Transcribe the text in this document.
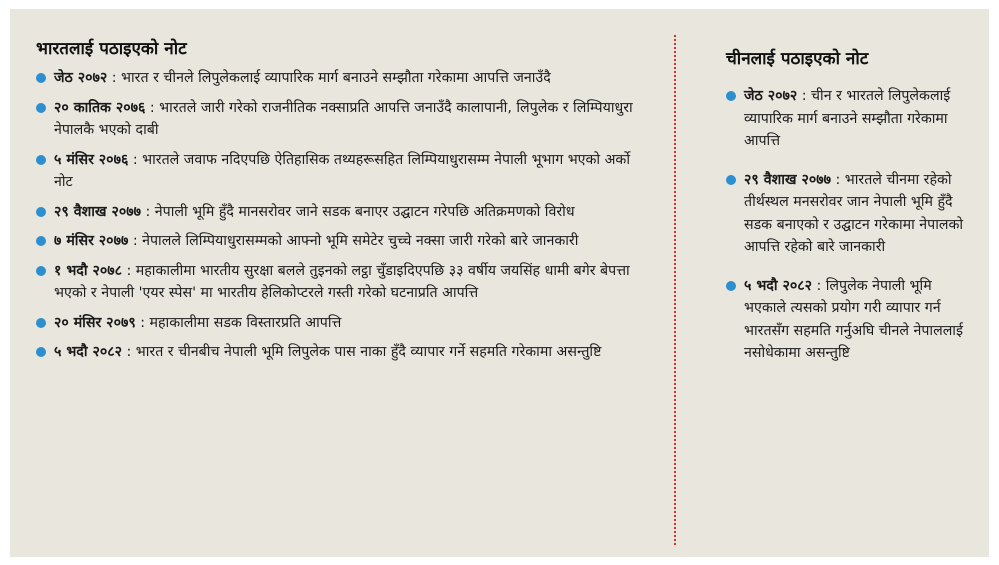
भारतलाई पठाइएको नोट
जेठ २०७२ : भारत र चीनले लिपुलेकलाई व्यापारिक मार्ग बनाउने सम्झौता गरेकामा आपत्ति जनाउँदै
२० कातिक २०७६ : भारतले जारी गरेको राजनीतिक नक्साप्रति आपत्ति जनाउँदै कालापानी, लिपुलेक र लिम्पियाधुरा नेपालकै भएको दाबी
५ मंसिर २०७६ : भारतले जवाफ नदिएपछि ऐतिहासिक तथ्यहरूसहित लिम्पियाधुरासम्म नेपाली भूभाग भएको अर्को नोट
२९ वैशाख २०७७ : नेपाली भूमि हुँदै मानसरोवर जाने सडक बनाएर उद्घाटन गरेपछि अतिक्रमणको विरोध
७ मंसिर २०७७ : नेपालले लिम्पियाधुरासम्मको आफ्नो भूमि समेटेर चुच्चे नक्सा जारी गरेको बारे जानकारी
१ भदौ २०७८ : महाकालीमा भारतीय सुरक्षा बलले तुइनको लट्ठा चुँडाइदिएपछि ३३ वर्षीय जयसिंह धामी बगेर बेपत्ता भएको र नेपाली 'एयर स्पेस' मा भारतीय हेलिकोप्टरले गस्ती गरेको घटनाप्रति आपत्ति
२० मंसिर २०७९ : महाकालीमा सडक विस्तारप्रति आपत्ति
५ भदौ २०८२ : भारत र चीनबीच नेपाली भूमि लिपुलेक पास नाका हुँदै व्यापार गर्ने सहमति गरेकामा असन्तुष्टि
चीनलाई पठाइएको नोट
जेठ २०७२ : चीन र भारतले लिपुलेकलाई व्यापारिक मार्ग बनाउने सम्झौता गरेकामा आपत्ति
२९ वैशाख २०७७ : भारतले चीनमा रहेको तीर्थस्थल मनसरोवर जान नेपाली भूमि हुँदै सडक बनाएको र उद्घाटन गरेकामा नेपालको आपत्ति रहेको बारे जानकारी
५ भदौ २०८२ : लिपुलेक नेपाली भूमि भएकाले त्यसको प्रयोग गरी व्यापार गर्न भारतसँग सहमति गर्नुअघि चीनले नेपाललाई नसोधेकामा असन्तुष्टि
